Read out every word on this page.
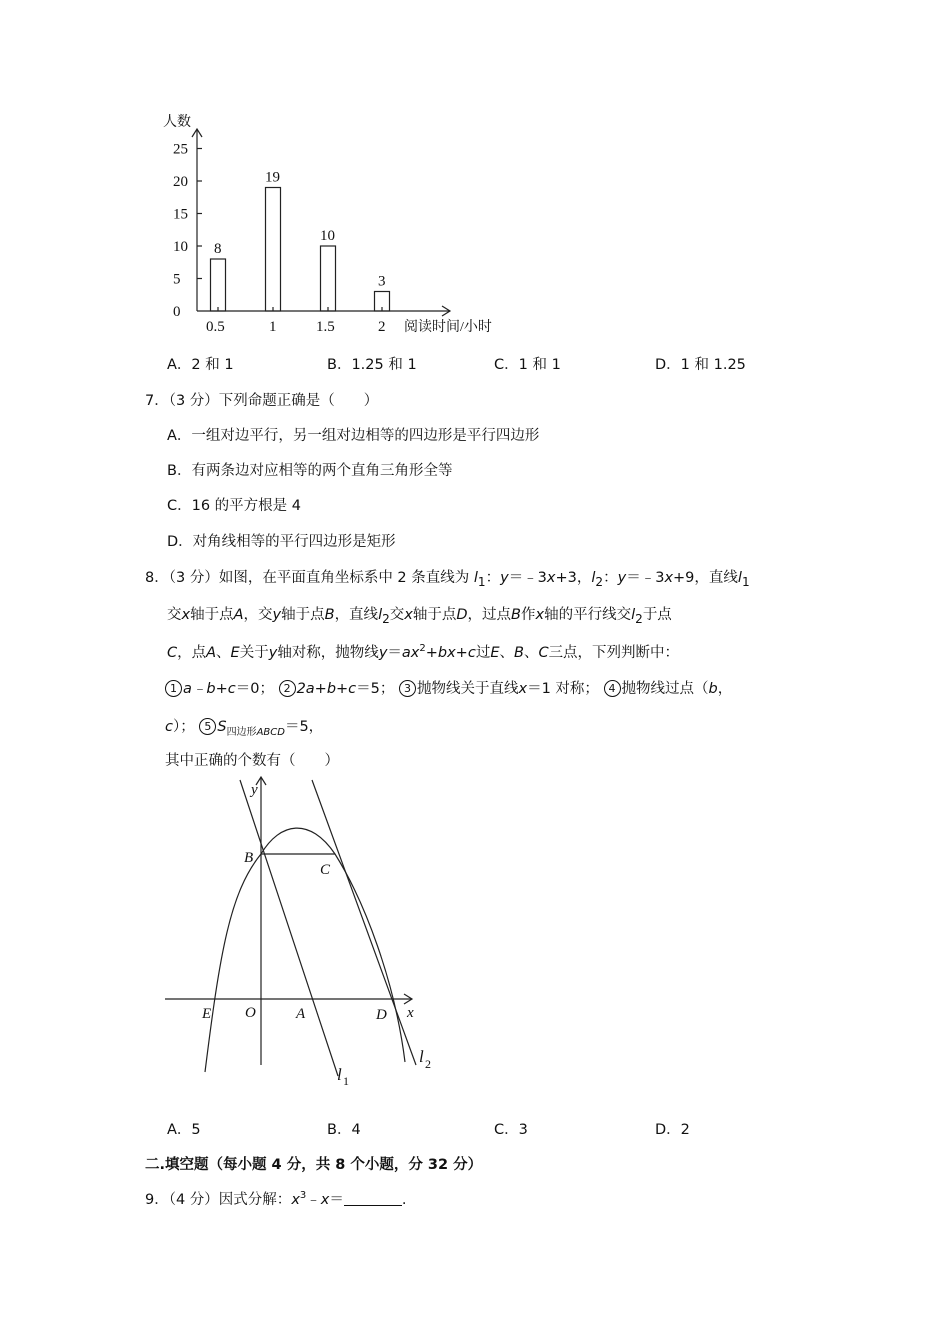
0
5
10
15
20
25
人数
阅读时间/小时
8
0.5
19
1
10
1.5
3
2
A．2 和 1	B．1.25 和 1	C．1 和 1	D．1 和 1.25
7．（3 分）下列命题正确是（　　）
A．一组对边平行，另一组对边相等的四边形是平行四边形
B．有两条边对应相等的两个直角三角形全等
C．16 的平方根是 4
D．对角线相等的平行四边形是矩形
8．（3 分）如图，在平面直角坐标系中 2 条直线为 $l_1$：y＝﹣3x+3，$l_2$：y＝﹣3x+9，直线$l_1$
交x轴于点A，交y轴于点B，直线$l_2$交x轴于点D，过点B作x轴的平行线交$l_2$于点
C，点A、E关于y轴对称，抛物线$y=ax^2+bx+c$过E、B、C三点，下列判断中：
1 a﹣b+c＝0； 2 2a+b+c＝5； 3 抛物线关于直线x＝1 对称； 4 抛物线过点（b，
c）； 5 $S_{四边形ABCD}=5$，
其中正确的个数有（　　）
y
x
B
C
E O	A	D
l 1
l 2
A．5	B．4	C．3	D．2
二.填空题（每小题 4 分，共 8 个小题，分 32 分）
9．（4 分）因式分解：$x^3﹣x=$	.
